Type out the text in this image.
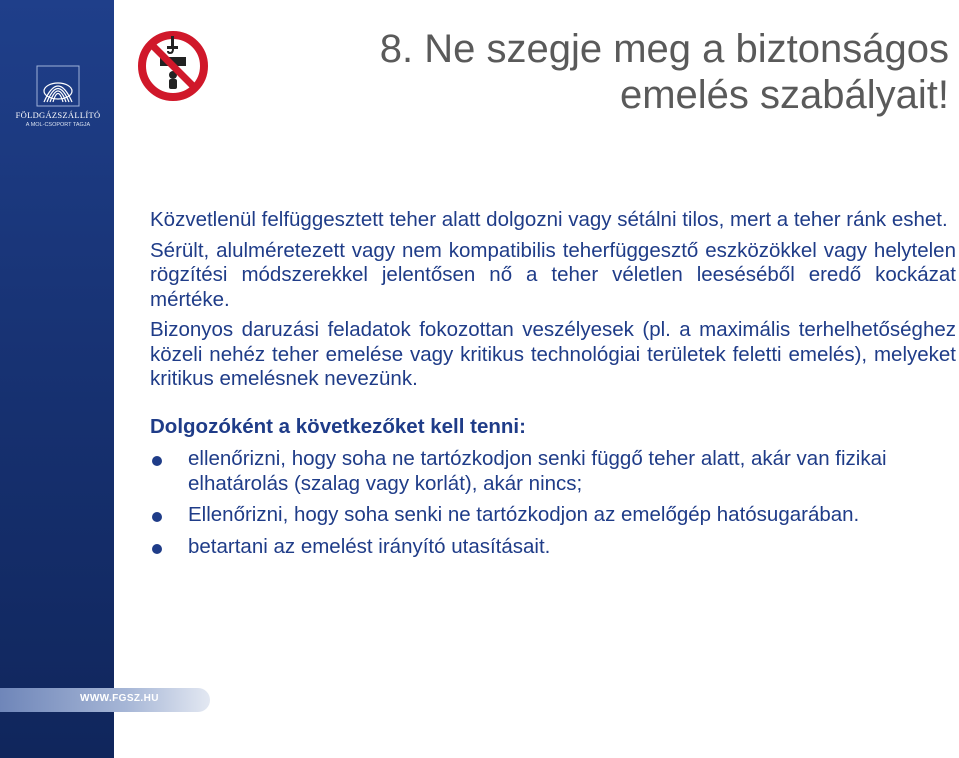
FÖLDGÁZSZÁLLÍTÓ
A MOL-CSOPORT TAGJA
WWW.FGSZ.HU
8. Ne szegje meg a biztonságos emelés szabályait!

Közvetlenül felfüggesztett teher alatt dolgozni vagy sétálni tilos, mert a teher ránk eshet.

Sérült, alulméretezett vagy nem kompatibilis teherfüggesztő eszközökkel vagy helytelen rögzítési módszerekkel jelentősen nő a teher véletlen leeséséből eredő kockázat mértéke.

Bizonyos daruzási feladatok fokozottan veszélyesek (pl. a maximális terhelhetőséghez közeli nehéz teher emelése vagy kritikus technológiai területek feletti emelés), melyeket kritikus emelésnek nevezünk.

Dolgozóként a következőket kell tenni:

ellenőrizni, hogy soha ne tartózkodjon senki függő teher alatt, akár van fizikai elhatárolás (szalag vagy korlát), akár nincs;
Ellenőrizni, hogy soha senki ne tartózkodjon az emelőgép hatósugarában.
betartani az emelést irányító utasításait.
